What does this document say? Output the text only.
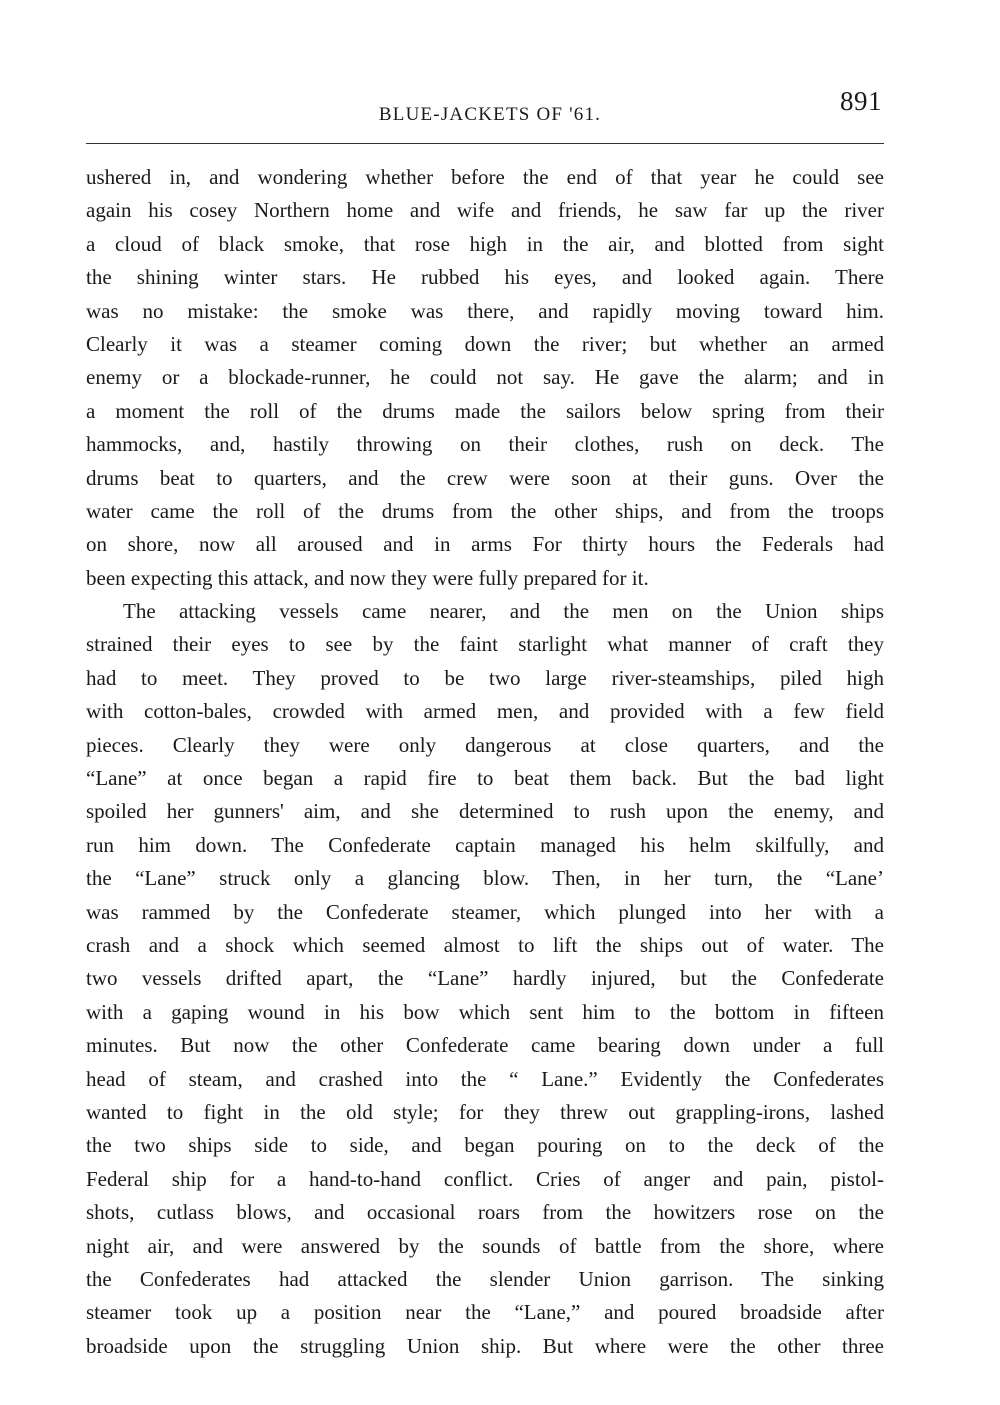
BLUE-JACKETS OF '61.	891
ushered in, and wondering whether before the end of that year he could see
again his cosey Northern home and wife and friends, he saw far up the river
a cloud of black smoke, that rose high in the air, and blotted from sight
the shining winter stars. He rubbed his eyes, and looked again. There
was no mistake: the smoke was there, and rapidly moving toward him.
Clearly it was a steamer coming down the river; but whether an armed
enemy or a blockade-runner, he could not say. He gave the alarm; and in
a moment the roll of the drums made the sailors below spring from their
hammocks, and, hastily throwing on their clothes, rush on deck. The
drums beat to quarters, and the crew were soon at their guns. Over the
water came the roll of the drums from the other ships, and from the troops
on shore, now all aroused and in arms For thirty hours the Federals had
been expecting this attack, and now they were fully prepared for it.
The attacking vessels came nearer, and the men on the Union ships
strained their eyes to see by the faint starlight what manner of craft they
had to meet. They proved to be two large river-steamships, piled high
with cotton-bales, crowded with armed men, and provided with a few field
pieces. Clearly they were only dangerous at close quarters, and the
“Lane” at once began a rapid fire to beat them back. But the bad light
spoiled her gunners' aim, and she determined to rush upon the enemy, and
run him down. The Confederate captain managed his helm skilfully, and
the “Lane” struck only a glancing blow. Then, in her turn, the “Lane’
was rammed by the Confederate steamer, which plunged into her with a
crash and a shock which seemed almost to lift the ships out of water. The
two vessels drifted apart, the “Lane” hardly injured, but the Confederate
with a gaping wound in his bow which sent him to the bottom in fifteen
minutes. But now the other Confederate came bearing down under a full
head of steam, and crashed into the “ Lane.” Evidently the Confederates
wanted to fight in the old style; for they threw out grappling-irons, lashed
the two ships side to side, and began pouring on to the deck of the
Federal ship for a hand-to-hand conflict. Cries of anger and pain, pistol-
shots, cutlass blows, and occasional roars from the howitzers rose on the
night air, and were answered by the sounds of battle from the shore, where
the Confederates had attacked the slender Union garrison. The sinking
steamer took up a position near the “Lane,” and poured broadside after
broadside upon the struggling Union ship. But where were the other three
